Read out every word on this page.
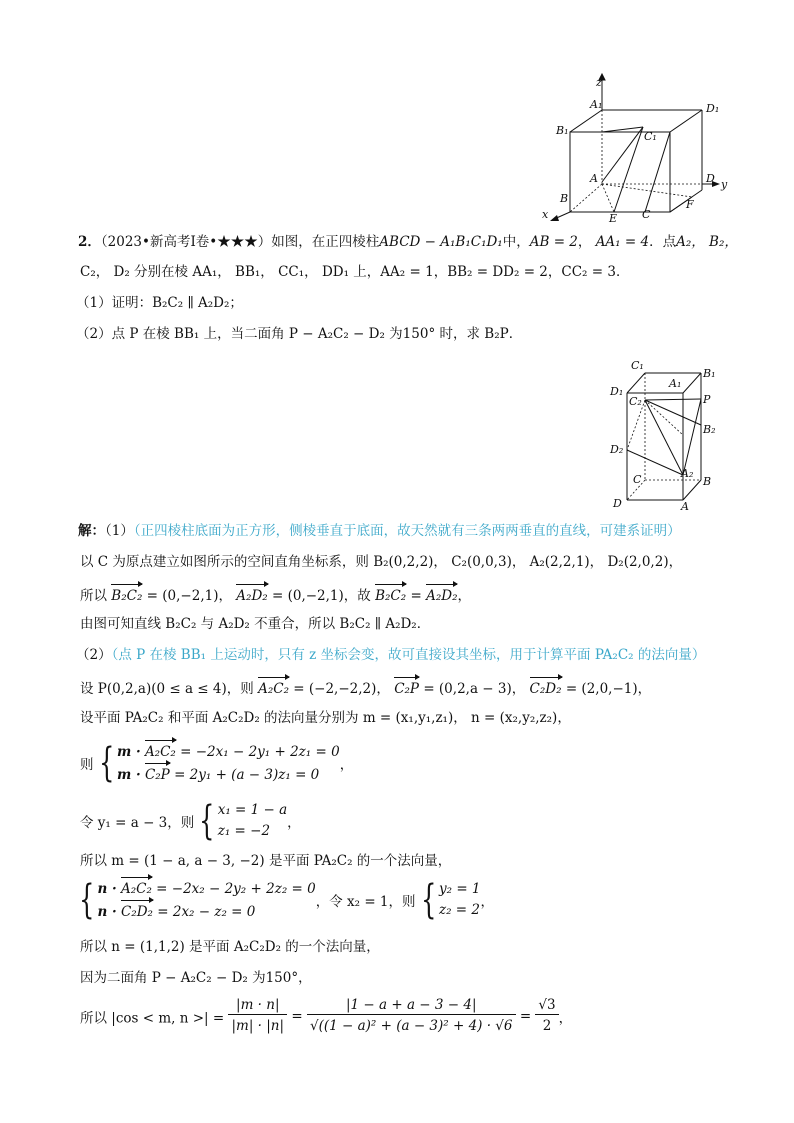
z
A₁	D₁
B₁	C₁
A	D y
B
x	E C
F
2．（2023•新高考Ⅰ卷•★★★）如图，在正四棱柱ABCD − A₁B₁C₁D₁中，AB = 2， AA₁ = 4．点A₂， B₂，
C₂， D₂ 分别在棱 AA₁， BB₁， CC₁， DD₁ 上，AA₂ = 1，BB₂ = DD₂ = 2，CC₂ = 3．
（1）证明：B₂C₂ ∥ A₂D₂；
（2）点 P 在棱 BB₁ 上，当二面角 P − A₂C₂ − D₂ 为150° 时，求 B₂P．
C₁
B₁
A₁
D₁
C₂	P
B₂
D₂
A₂
C	B
D	A
解：（1）（正四棱柱底面为正方形，侧棱垂直于底面，故天然就有三条两两垂直的直线，可建系证明）
以 C 为原点建立如图所示的空间直角坐标系，则 B₂(0,2,2)， C₂(0,0,3)， A₂(2,2,1)， D₂(2,0,2)，
所以 B₂C₂ = (0,−2,1)， A₂D₂ = (0,−2,1)，故 B₂C₂ = A₂D₂，
由图可知直线 B₂C₂ 与 A₂D₂ 不重合，所以 B₂C₂ ∥ A₂D₂．
（2）（点 P 在棱 BB₁ 上运动时，只有 z 坐标会变，故可直接设其坐标，用于计算平面 PA₂C₂ 的法向量）
设 P(0,2,a)(0 ≤ a ≤ 4)，则 A₂C₂ = (−2,−2,2)， C₂P = (0,2,a − 3)， C₂D₂ = (2,0,−1)，
设平面 PA₂C₂ 和平面 A₂C₂D₂ 的法向量分别为 m = (x₁,y₁,z₁)， n = (x₂,y₂,z₂)，
则 { m · A₂C₂ = −2x₁ − 2y₁ + 2z₁ = 0
m · C₂P = 2y₁ + (a − 3)z₁ = 0
，
令 y₁ = a − 3，则 { x₁ = 1 − a
z₁ = −2	，
所以 m = (1 − a, a − 3, −2) 是平面 PA₂C₂ 的一个法向量，
{ n · A₂C₂ = −2x₂ − 2y₂ + 2z₂ = 0
n · C₂D₂ = 2x₂ − z₂ = 0
，令 x₂ = 1，则 { y₂ = 1
z₂ = 2 ，
所以 n = (1,1,2) 是平面 A₂C₂D₂ 的一个法向量，
因为二面角 P − A₂C₂ − D₂ 为150°，
所以 |cos < m, n >| = $\frac{|m \cdot n|}{|m| \cdot |n|} = \frac{|1 - a + a - 3 - 4|}{\text{√((1 − a)² + (a − 3)² + 4) · √6}} = \frac{√3}{2}$ ，
